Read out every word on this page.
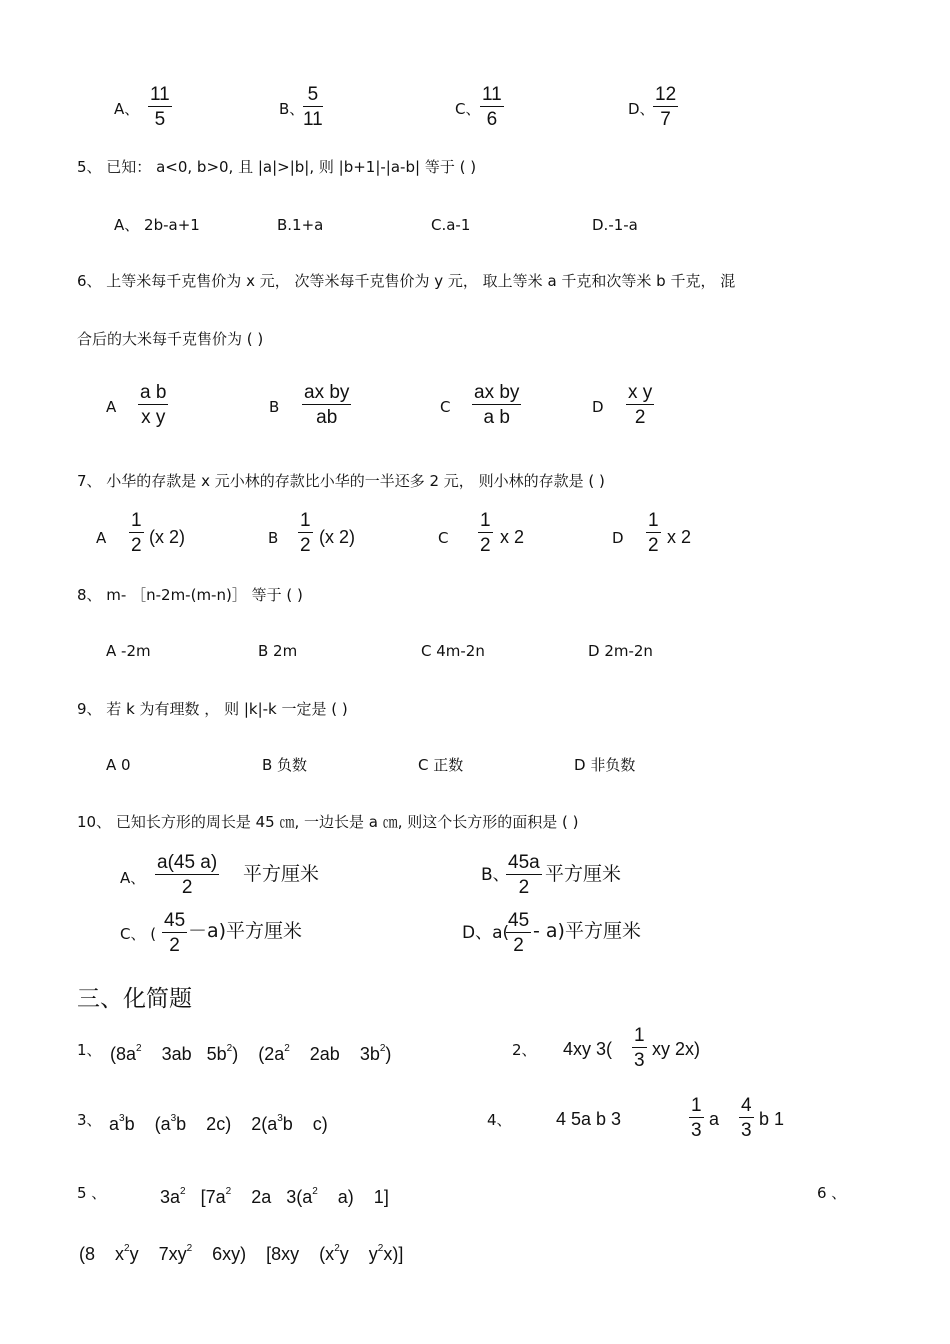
A、
11
5	B、
5
11	C、
11
6	D、
12
7
5、 已知： a<0, b>0, 且 |a|>|b|, 则 |b+1|-|a-b| 等于 ( )
A、 2b-a+1	B.1+a	C.a-1	D.-1-a
6、 上等米每千克售价为 x 元， 次等米每千克售价为 y 元， 取上等米 a 千克和次等米 b 千克， 混
合后的大米每千克售价为 ( )
A
a b
x y	B
ax by
ab	C
ax by
a b	D
x y
2
7、 小华的存款是 x 元小林的存款比小华的一半还多 2 元， 则小林的存款是 ( )
A
1
2 (x 2)	B
1
2 (x 2)	C
1
2 x 2	D
1
2 x 2
8、 m- ［n-2m-(m-n)］ 等于 ( )
A -2m	B 2m	C 4m-2n	D 2m-2n
9、 若 k 为有理数 ， 则 |k|-k 一定是 ( )
A 0	B 负数	C 正数	D 非负数
10、 已知长方形的周长是 45 ㎝, 一边长是 a ㎝, 则这个长方形的面积是 ( )
A、
a(45 a)
2
平方厘米	B、
45a
2
平方厘米
C、 (
45
2
－a)平方厘米	D、a(
45
2
- a)平方厘米
三、化简题
1、 ($8a^2$    3ab   $5b^2$)    ($2a^2$    2ab    $3b^2$)	2、 4xy 3(
1
3
xy 2x)
3、 $a^3b$    ($a^3b$    2c)    $2(a^3b$    c)	4、 4 5a b 3
1
3
a
4
3
b 1
5 、	$3a^2$   [$7a^2$    2a   $3(a^2$    a)    1]	6 、
(8    $x^2y$    $7xy^2$    6xy)    [8xy    ($x^2y$    $y^2x$)]
